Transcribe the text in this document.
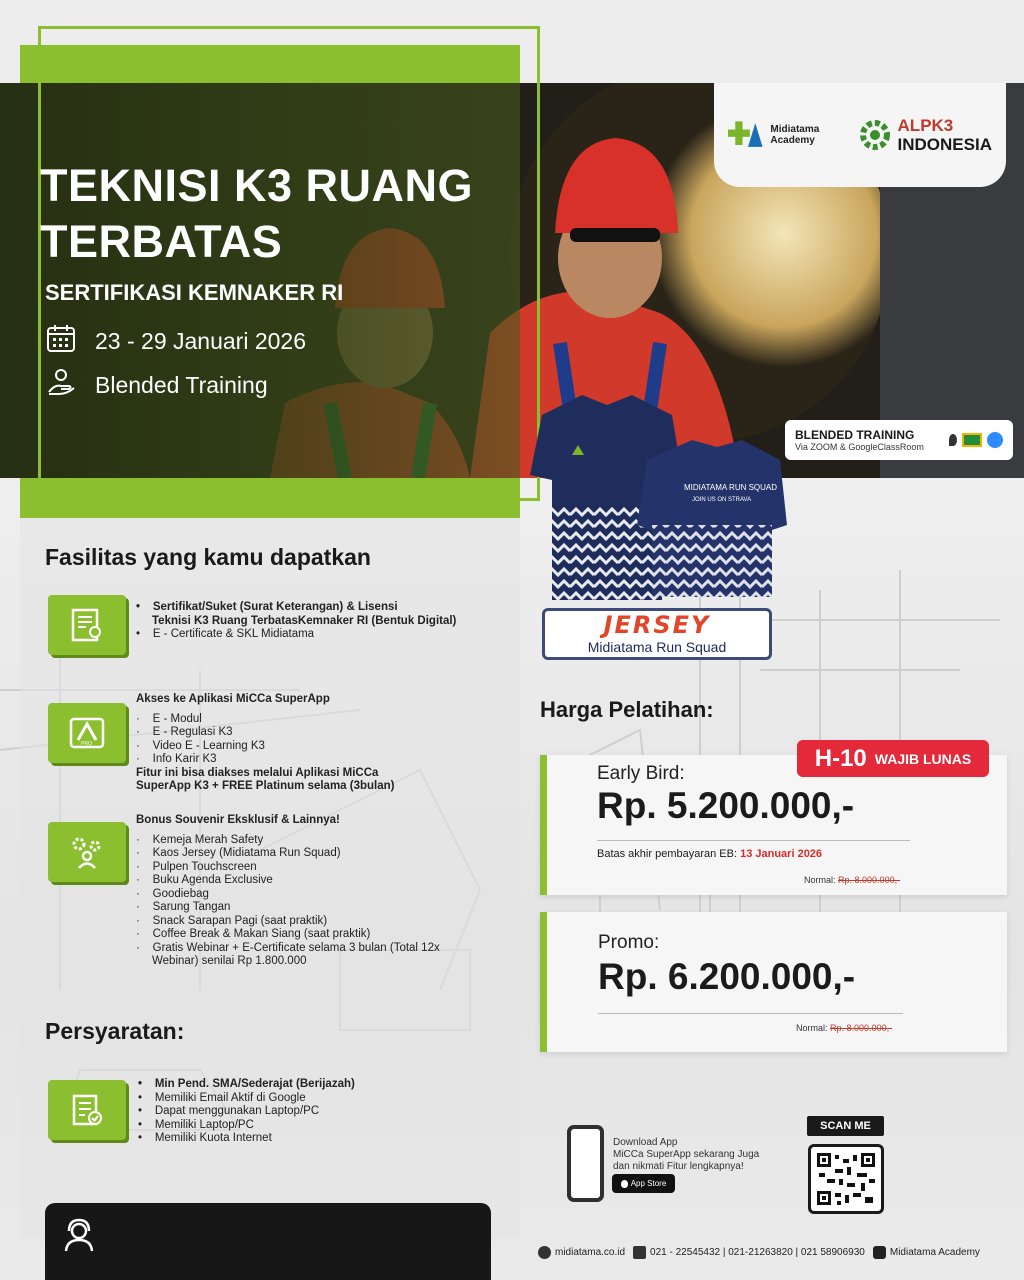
TEKNISI K3 RUANG
TERBATAS
SERTIFIKASI KEMNAKER RI
23 - 29 Januari 2026
Blended Training
Midiatama Academy
ALPK3
INDONESIA
BLENDED TRAINING
Via ZOOM & GoogleClassRoom
MIDIATAMA RUN SQUAD
JOIN US ON STRAVA
JERSEY
Midiatama Run Squad
Fasilitas yang kamu dapatkan
•    Sertifikat/Suket (Surat Keterangan) & Lisensi
Teknisi K3 Ruang TerbatasKemnaker RI (Bentuk Digital)
•    E - Certificate & SKL Midiatama
PRO
Akses ke Aplikasi MiCCa SuperApp
·    E - Modul
·    E - Regulasi K3
·    Video E - Learning K3
·    Info Karir K3
Fitur ini bisa diakses melalui Aplikasi MiCCa
SuperApp K3 + FREE Platinum selama (3bulan)
Bonus Souvenir Eksklusif & Lainnya!
·    Kemeja Merah Safety
·    Kaos Jersey (Midiatama Run Squad)
·    Pulpen Touchscreen
·    Buku Agenda Exclusive
·    Goodiebag
·    Sarung Tangan
·    Snack Sarapan Pagi (saat praktik)
·    Coffee Break & Makan Siang (saat praktik)
·    Gratis Webinar + E-Certificate selama 3 bulan (Total 12x
Webinar) senilai Rp 1.800.000
Persyaratan:
•    Min Pend. SMA/Sederajat (Berijazah)
•    Memiliki Email Aktif di Google
•    Dapat menggunakan Laptop/PC
•    Memiliki Laptop/PC
•    Memiliki Kuota Internet
Harga Pelatihan:
Early Bird:
Rp. 5.200.000,-
Batas akhir pembayaran EB: 13 Januari 2026
Normal: Rp. 8.000.000,-
H-10 WAJIB LUNAS
Promo:
Rp. 6.200.000,-
Normal: Rp. 8.000.000,-
Download App
MiCCa SuperApp sekarang Juga
dan nikmati Fitur lengkapnya!
App Store
SCAN ME
midiatama.co.id	021 - 22545432 | 021-21263820 | 021 58906930	Midiatama Academy
